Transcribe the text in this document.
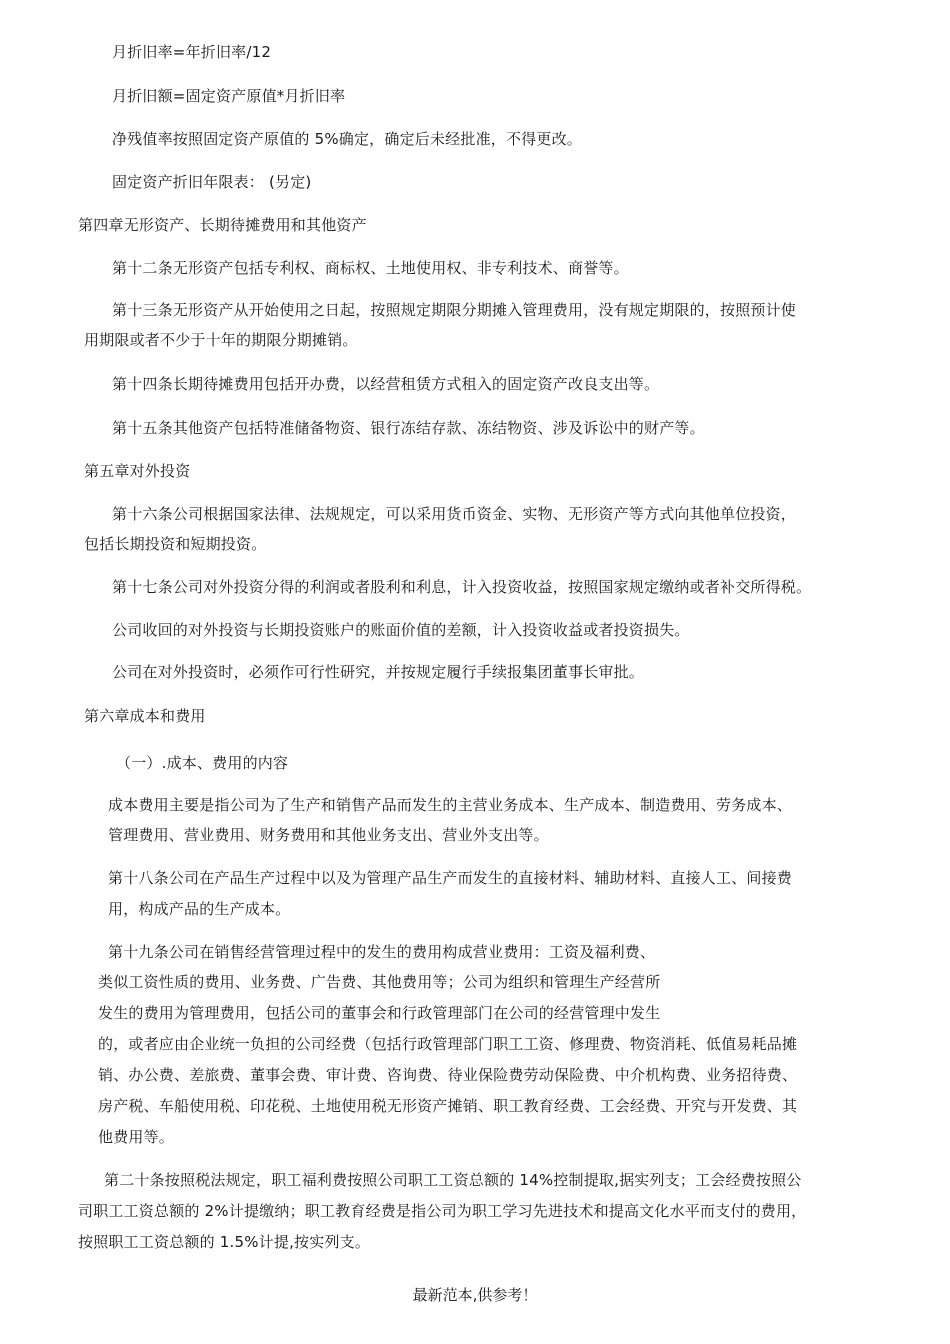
月折旧率=年折旧率/12
月折旧额=固定资产原值*月折旧率
净残值率按照固定资产原值的 5%确定，确定后未经批准，不得更改。
固定资产折旧年限表： (另定)
第四章无形资产、长期待摊费用和其他资产
第十二条无形资产包括专利权、商标权、土地使用权、非专利技术、商誉等。
第十三条无形资产从开始使用之日起，按照规定期限分期摊入管理费用，没有规定期限的，按照预计使
用期限或者不少于十年的期限分期摊销。
第十四条长期待摊费用包括开办费，以经营租赁方式租入的固定资产改良支出等。
第十五条其他资产包括特准储备物资、银行冻结存款、冻结物资、涉及诉讼中的财产等。
第五章对外投资
第十六条公司根据国家法律、法规规定，可以采用货币资金、实物、无形资产等方式向其他单位投资，
包括长期投资和短期投资。
第十七条公司对外投资分得的利润或者股利和利息，计入投资收益，按照国家规定缴纳或者补交所得税。
公司收回的对外投资与长期投资账户的账面价值的差额，计入投资收益或者投资损失。
公司在对外投资时，必须作可行性研究，并按规定履行手续报集团董事长审批。
第六章成本和费用
（一）.成本、费用的内容
成本费用主要是指公司为了生产和销售产品而发生的主营业务成本、生产成本、制造费用、劳务成本、
管理费用、营业费用、财务费用和其他业务支出、营业外支出等。
第十八条公司在产品生产过程中以及为管理产品生产而发生的直接材料、辅助材料、直接人工、间接费
用，构成产品的生产成本。
第十九条公司在销售经营管理过程中的发生的费用构成营业费用：工资及福利费、
类似工资性质的费用、业务费、广告费、其他费用等；公司为组织和管理生产经营所
发生的费用为管理费用，包括公司的董事会和行政管理部门在公司的经营管理中发生
的，或者应由企业统一负担的公司经费（包括行政管理部门职工工资、修理费、物资消耗、低值易耗品摊
销、办公费、差旅费、董事会费、审计费、咨询费、待业保险费劳动保险费、中介机构费、业务招待费、
房产税、车船使用税、印花税、土地使用税无形资产摊销、职工教育经费、工会经费、开究与开发费、其
他费用等。
第二十条按照税法规定，职工福利费按照公司职工工资总额的 14%控制提取,据实列支；工会经费按照公
司职工工资总额的 2%计提缴纳；职工教育经费是指公司为职工学习先进技术和提高文化水平而支付的费用，
按照职工工资总额的 1.5%计提,按实列支。
最新范本,供参考！
